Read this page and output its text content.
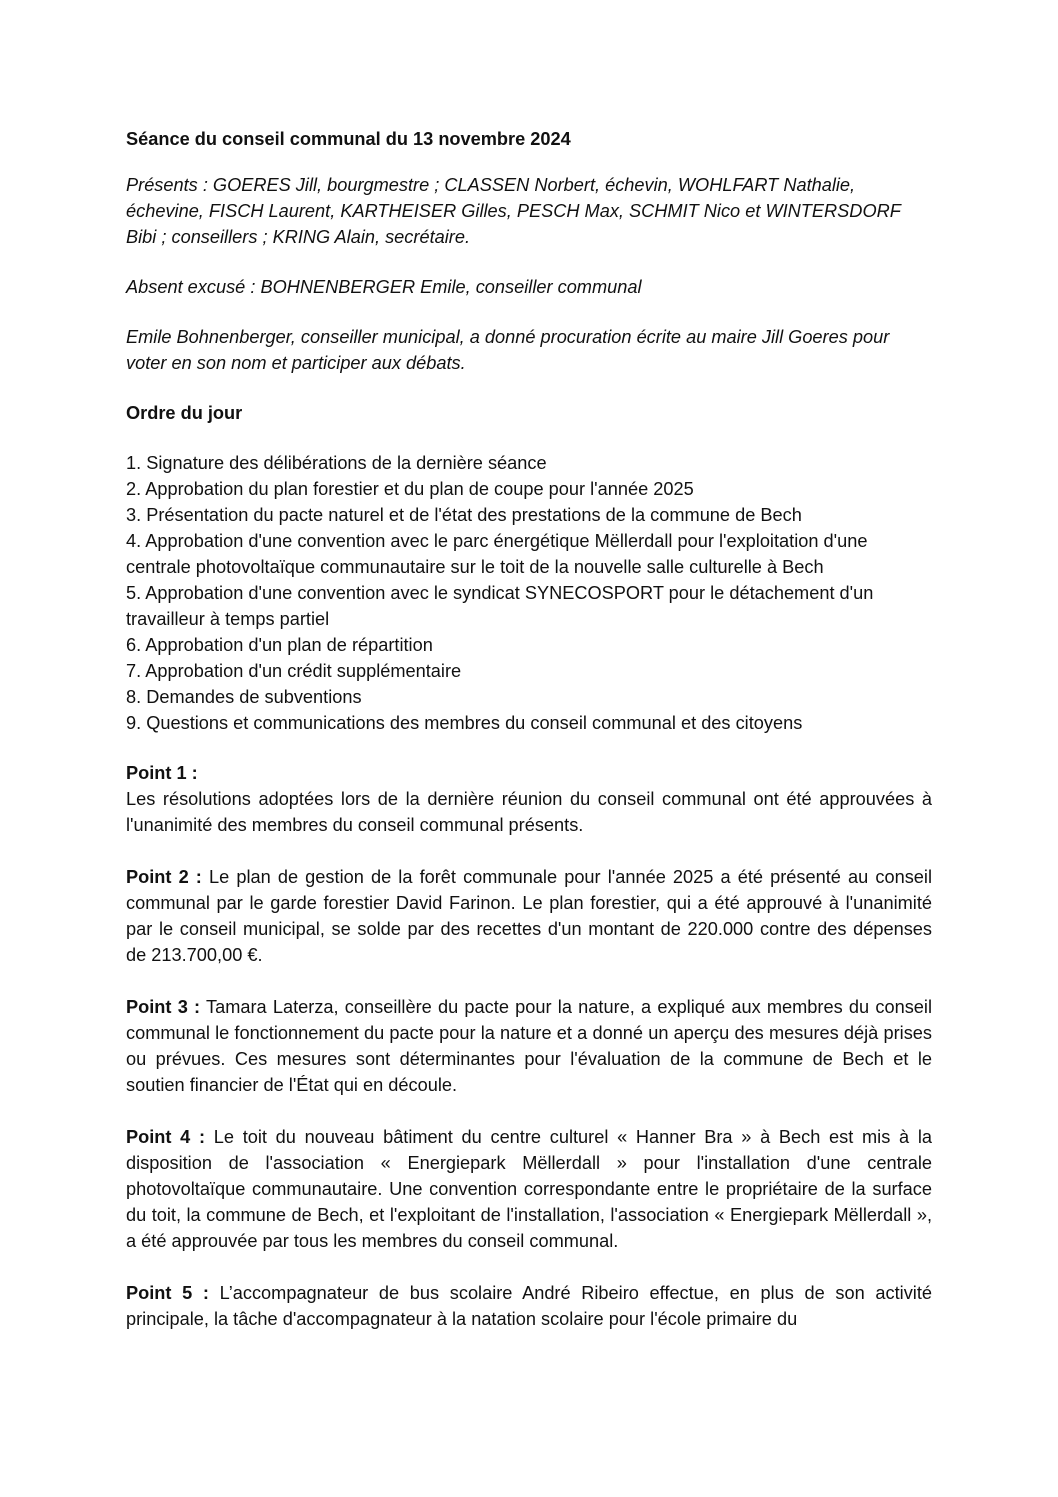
Séance du conseil communal du 13 novembre 2024
Présents : GOERES Jill, bourgmestre ; CLASSEN Norbert, échevin, WOHLFART Nathalie, échevine, FISCH Laurent, KARTHEISER Gilles, PESCH Max, SCHMIT Nico et WINTERSDORF Bibi ; conseillers ; KRING Alain, secrétaire.
Absent excusé : BOHNENBERGER Emile, conseiller communal
Emile Bohnenberger, conseiller municipal, a donné procuration écrite au maire Jill Goeres pour voter en son nom et participer aux débats.
Ordre du jour
1. Signature des délibérations de la dernière séance
2. Approbation du plan forestier et du plan de coupe pour l'année 2025
3. Présentation du pacte naturel et de l'état des prestations de la commune de Bech
4. Approbation d'une convention avec le parc énergétique Mëllerdall pour l'exploitation d'une centrale photovoltaïque communautaire sur le toit de la nouvelle salle culturelle à Bech
5. Approbation d'une convention avec le syndicat SYNECOSPORT pour le détachement d'un travailleur à temps partiel
6. Approbation d'un plan de répartition
7. Approbation d'un crédit supplémentaire
8. Demandes de subventions
9. Questions et communications des membres du conseil communal et des citoyens
Point 1 :
Les résolutions adoptées lors de la dernière réunion du conseil communal ont été approuvées à l'unanimité des membres du conseil communal présents.
Point 2 : Le plan de gestion de la forêt communale pour l'année 2025 a été présenté au conseil communal par le garde forestier David Farinon. Le plan forestier, qui a été approuvé à l'unanimité par le conseil municipal, se solde par des recettes d'un montant de 220.000 contre des dépenses de 213.700,00 €.
Point 3 : Tamara Laterza, conseillère du pacte pour la nature, a expliqué aux membres du conseil communal le fonctionnement du pacte pour la nature et a donné un aperçu des mesures déjà prises ou prévues. Ces mesures sont déterminantes pour l'évaluation de la commune de Bech et le soutien financier de l'État qui en découle.
Point 4 : Le toit du nouveau bâtiment du centre culturel « Hanner Bra » à Bech est mis à la disposition de l'association « Energiepark Mëllerdall » pour l'installation d'une centrale photovoltaïque communautaire. Une convention correspondante entre le propriétaire de la surface du toit, la commune de Bech, et l'exploitant de l'installation, l'association « Energiepark Mëllerdall », a été approuvée par tous les membres du conseil communal.
Point 5 : L’accompagnateur de bus scolaire André Ribeiro effectue, en plus de son activité principale, la tâche d'accompagnateur à la natation scolaire pour l'école primaire du
